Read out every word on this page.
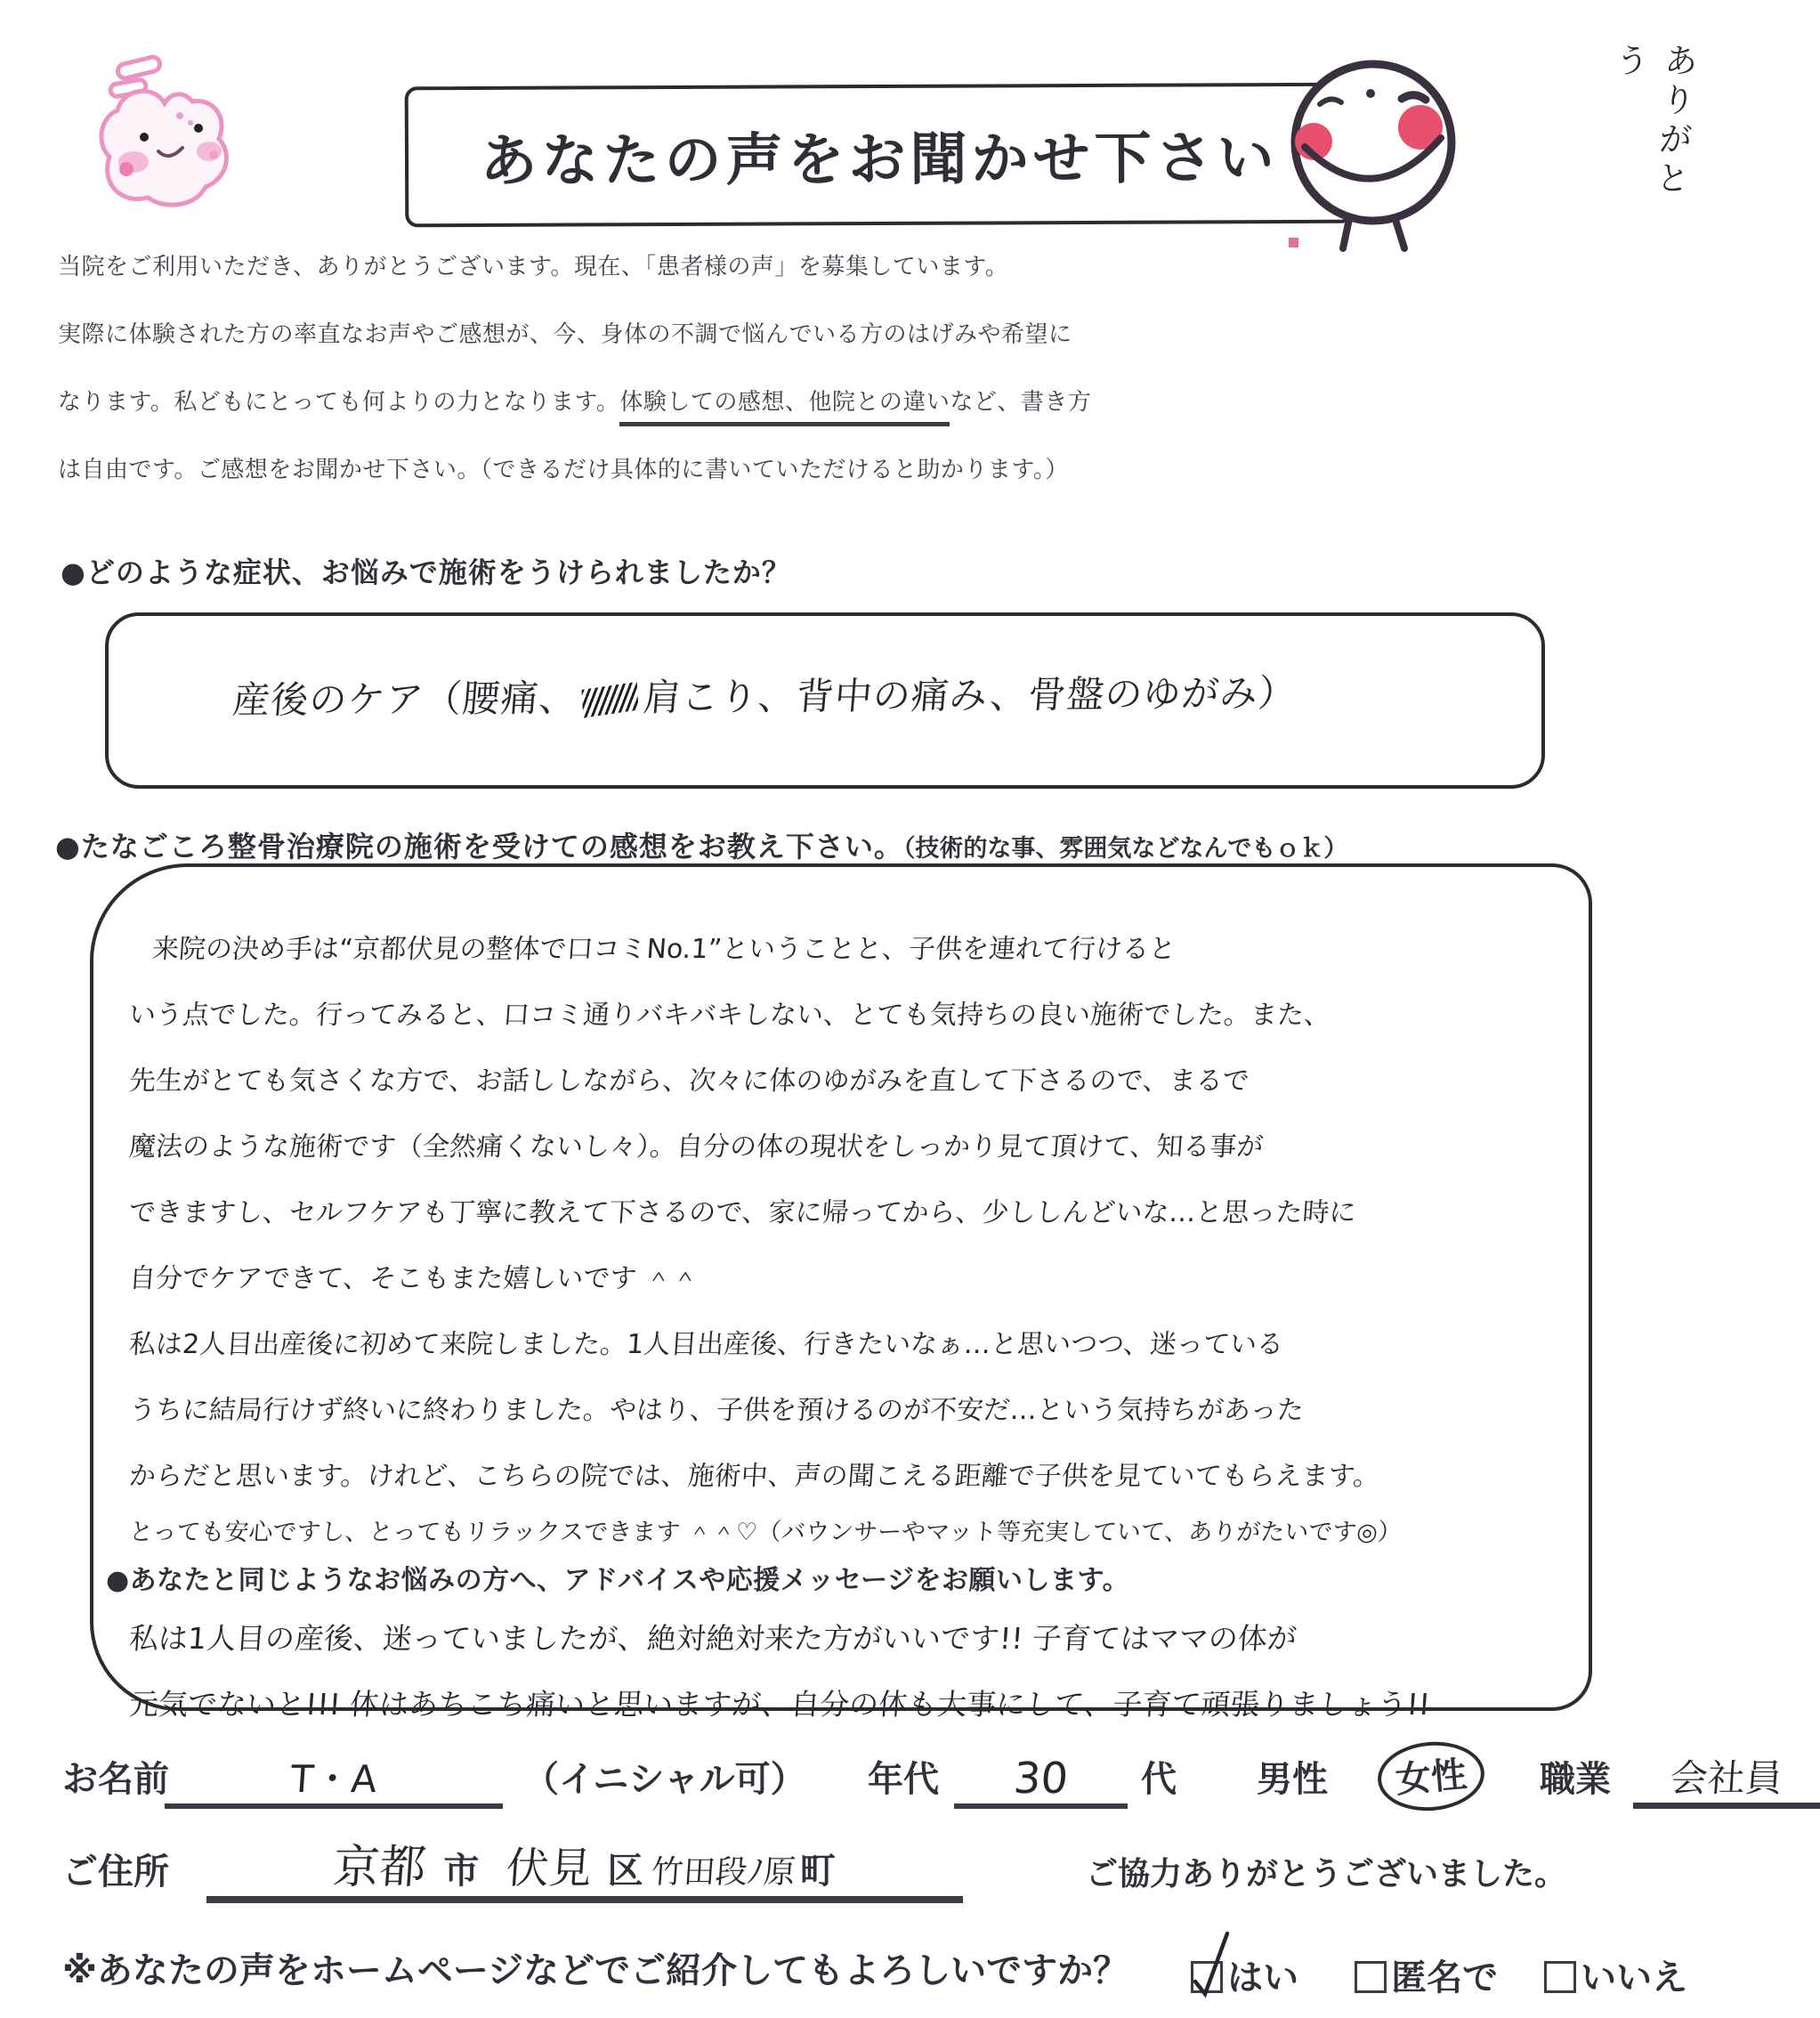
あなたの声をお聞かせ下さい	ありがとう
当院をご利用いただき、ありがとうございます。現在、「患者様の声」を募集しています。
実際に体験された方の率直なお声やご感想が、今、身体の不調で悩んでいる方のはげみや希望に
なります。私どもにとっても何よりの力となります。体験しての感想、他院との違いなど、書き方
は自由です。ご感想をお聞かせ下さい。（できるだけ具体的に書いていただけると助かります。）
●どのような症状、お悩みで施術をうけられましたか？
産後のケア（腰痛、 肩こり、背中の痛み、骨盤のゆがみ）
●たなごころ整骨治療院の施術を受けての感想をお教え下さい。（技術的な事、雰囲気などなんでもｏｋ）
来院の決め手は“京都伏見の整体で口コミNo.1”ということと、子供を連れて行けると
いう点でした。行ってみると、口コミ通りバキバキしない、とても気持ちの良い施術でした。また、
先生がとても気さくな方で、お話ししながら、次々に体のゆがみを直して下さるので、まるで
魔法のような施術です（全然痛くないし々）。自分の体の現状をしっかり見て頂けて、知る事が
できますし、セルフケアも丁寧に教えて下さるので、家に帰ってから、少ししんどいな…と思った時に
自分でケアできて、そこもまた嬉しいです ＾＾
私は2人目出産後に初めて来院しました。1人目出産後、行きたいなぁ…と思いつつ、迷っている
うちに結局行けず終いに終わりました。やはり、子供を預けるのが不安だ…という気持ちがあった
からだと思います。けれど、こちらの院では、施術中、声の聞こえる距離で子供を見ていてもらえます。
とっても安心ですし、とってもリラックスできます ＾＾♡（バウンサーやマット等充実していて、ありがたいです◎）
●あなたと同じようなお悩みの方へ、アドバイスや応援メッセージをお願いします。
私は1人目の産後、迷っていましたが、絶対絶対来た方がいいです!! 子育てはママの体が
元気でないと!!! 体はあちこち痛いと思いますが、自分の体も大事にして、子育て頑張りましょう!!
お名前	T・A	（イニシャル可） 年代	30	代 男性	女性	職業	会社員
ご住所	京都 市 伏見 区 竹田段ﾉ原 町	ご協力ありがとうございました。
※あなたの声をホームページなどでご紹介してもよろしいですか？	はい	匿名で	いいえ
